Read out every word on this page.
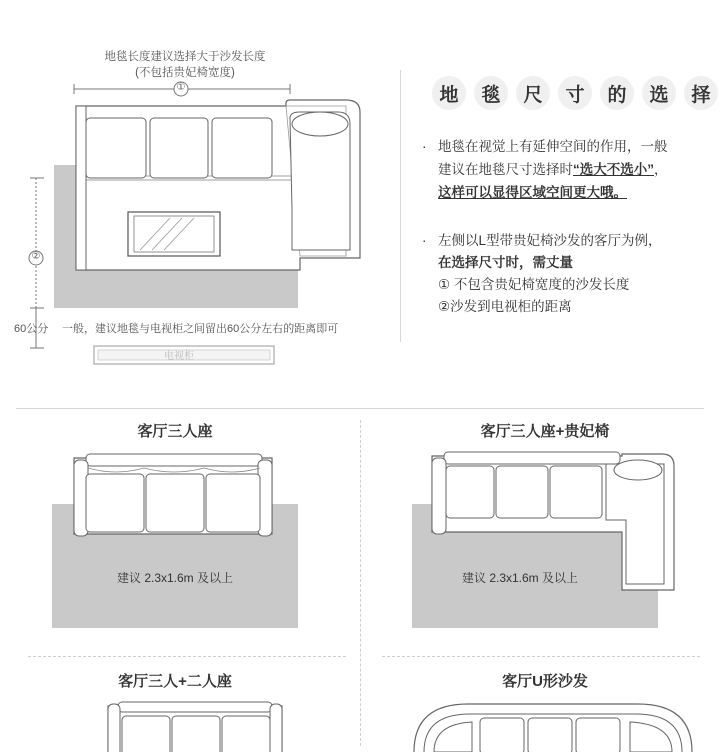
地毯长度建议选择大于沙发长度
(不包括贵妃椅宽度)
①
②
60公分 一般，建议地毯与电视柜之间留出60公分左右的距离即可
电视柜
地	毯	尺	寸	的	选	择
· 地毯在视觉上有延伸空间的作用，一般
建议在地毯尺寸选择时“选大不选小”，
这样可以显得区域空间更大哦。
· 左侧以L型带贵妃椅沙发的客厅为例，
在选择尺寸时，需丈量
① 不包含贵妃椅宽度的沙发长度
②沙发到电视柜的距离
客厅三人座
建议 2.3x1.6m 及以上
客厅三人座+贵妃椅
建议 2.3x1.6m 及以上
客厅三人+二人座	客厅U形沙发
